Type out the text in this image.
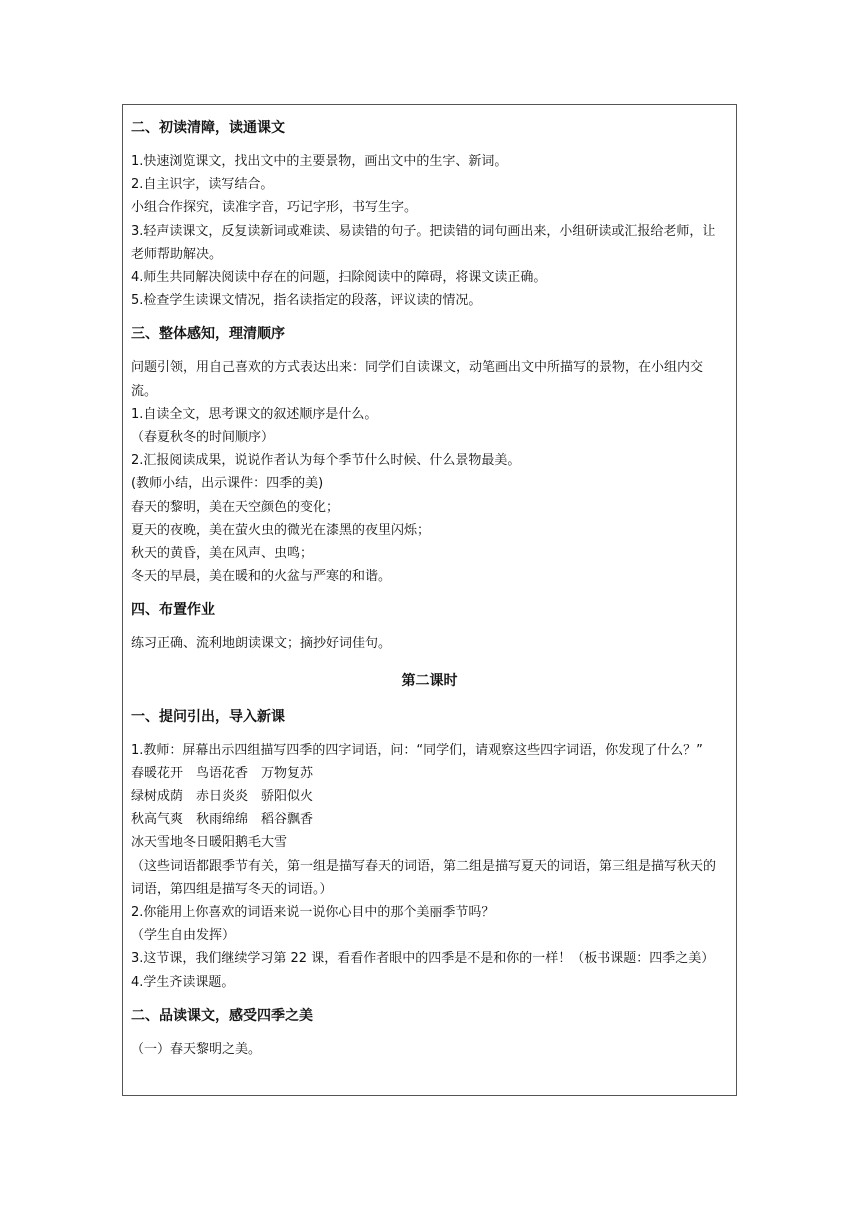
二、初读清障，读通课文

1.快速浏览课文，找出文中的主要景物，画出文中的生字、新词。

2.自主识字，读写结合。

小组合作探究，读准字音，巧记字形，书写生字。

3.轻声读课文，反复读新词或难读、易读错的句子。把读错的词句画出来，小组研读或汇报给老师，让老师帮助解决。

4.师生共同解决阅读中存在的问题，扫除阅读中的障碍，将课文读正确。

5.检查学生读课文情况，指名读指定的段落，评议读的情况。

三、整体感知，理清顺序

问题引领，用自己喜欢的方式表达出来：同学们自读课文，动笔画出文中所描写的景物，在小组内交流。

1.自读全文，思考课文的叙述顺序是什么。

（春夏秋冬的时间顺序）

2.汇报阅读成果，说说作者认为每个季节什么时候、什么景物最美。

(教师小结，出示课件：四季的美)

春天的黎明，美在天空颜色的变化；

夏天的夜晚，美在萤火虫的微光在漆黑的夜里闪烁；

秋天的黄昏，美在风声、虫鸣；

冬天的早晨，美在暖和的火盆与严寒的和谐。

四、布置作业

练习正确、流利地朗读课文；摘抄好词佳句。

第二课时

一、提问引出，导入新课

1.教师：屏幕出示四组描写四季的四字词语，问：“同学们，请观察这些四字词语，你发现了什么？”

春暖花开　鸟语花香　万物复苏

绿树成荫　赤日炎炎　骄阳似火

秋高气爽　秋雨绵绵　稻谷飘香

冰天雪地冬日暖阳鹅毛大雪

（这些词语都跟季节有关，第一组是描写春天的词语，第二组是描写夏天的词语，第三组是描写秋天的词语，第四组是描写冬天的词语。）

2.你能用上你喜欢的词语来说一说你心目中的那个美丽季节吗？

（学生自由发挥）

3.这节课，我们继续学习第 22 课，看看作者眼中的四季是不是和你的一样！（板书课题：四季之美）

4.学生齐读课题。

二、品读课文，感受四季之美

（一）春天黎明之美。
